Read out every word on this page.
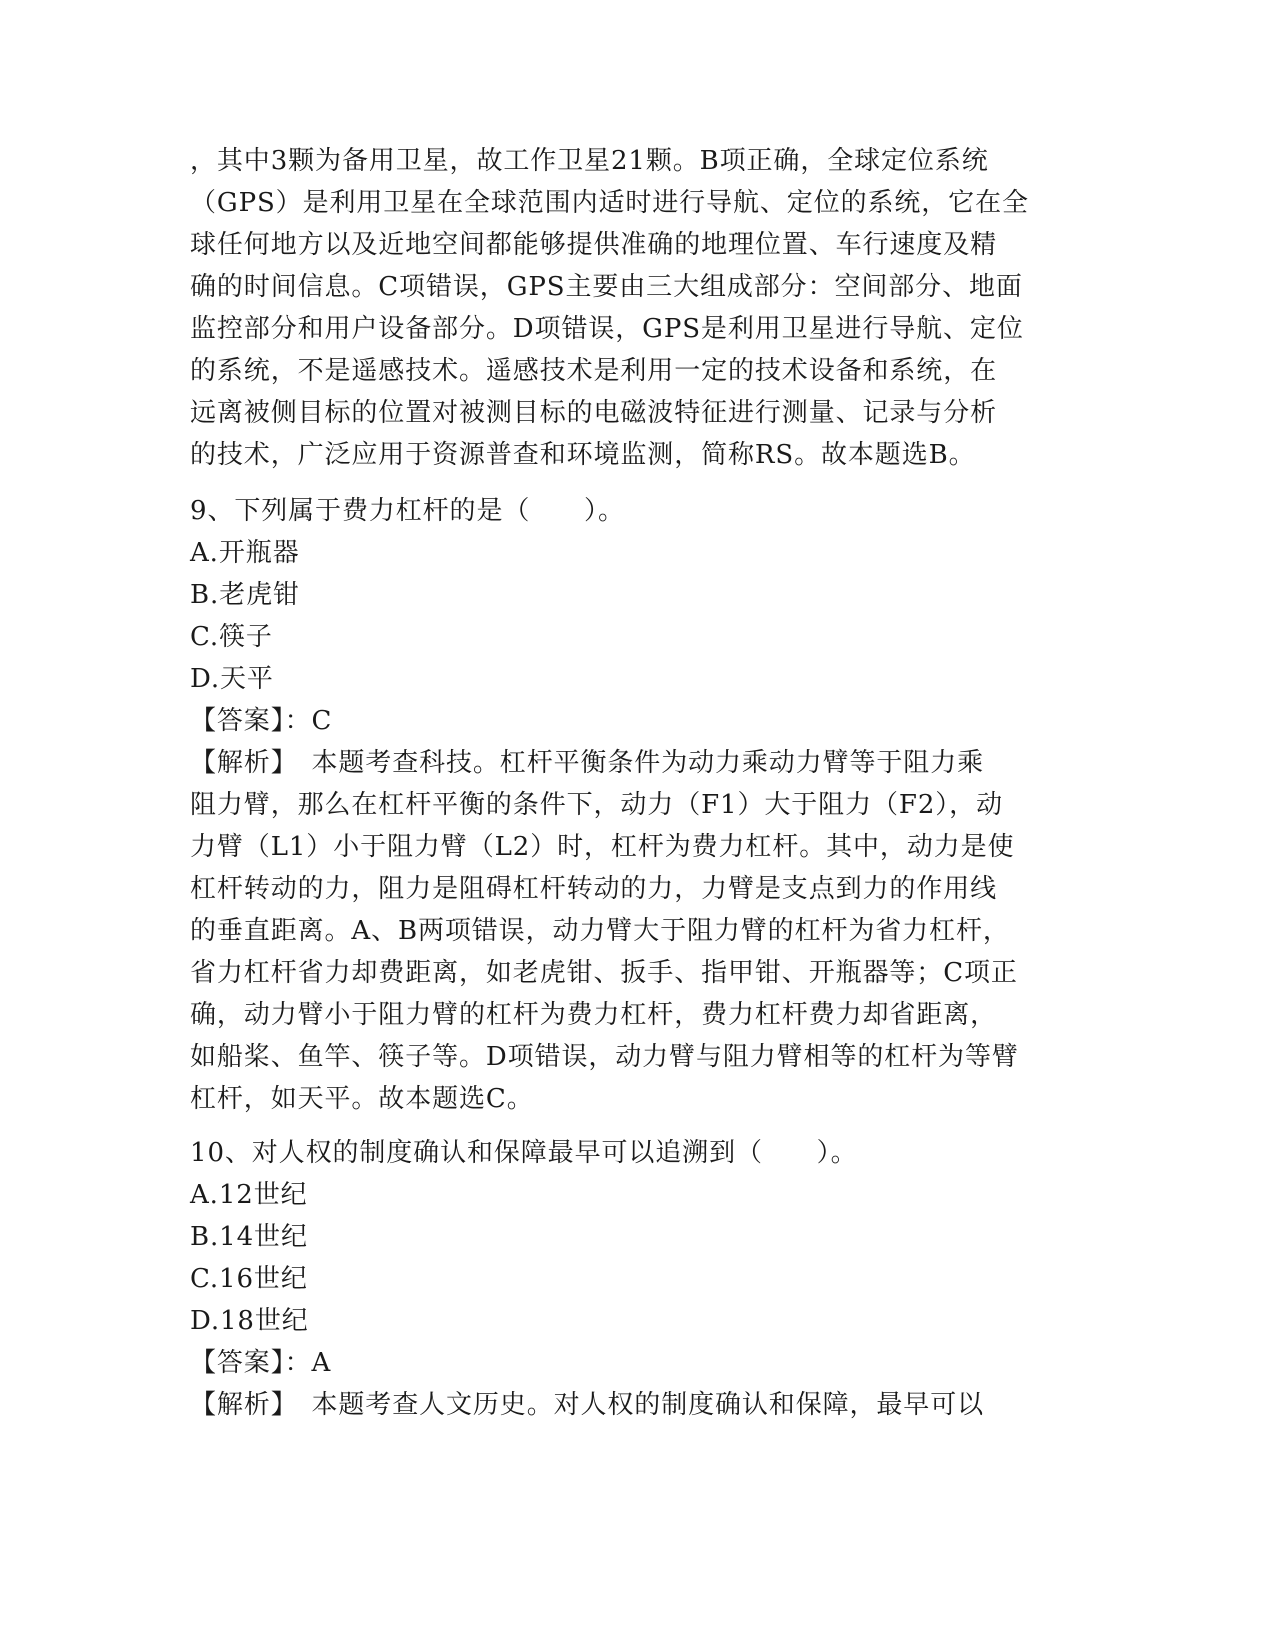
，其中3颗为备用卫星，故工作卫星21颗。B项正确，全球定位系统

（GPS）是利用卫星在全球范围内适时进行导航、定位的系统，它在全

球任何地方以及近地空间都能够提供准确的地理位置、车行速度及精

确的时间信息。C项错误，GPS主要由三大组成部分：空间部分、地面

监控部分和用户设备部分。D项错误，GPS是利用卫星进行导航、定位

的系统，不是遥感技术。遥感技术是利用一定的技术设备和系统，在

远离被侧目标的位置对被测目标的电磁波特征进行测量、记录与分析

的技术，广泛应用于资源普查和环境监测，简称RS。故本题选B。

9、下列属于费力杠杆的是（　　）。

A.开瓶器

B.老虎钳

C.筷子

D.天平

【答案】：C

【解析】　本题考查科技。杠杆平衡条件为动力乘动力臂等于阻力乘

阻力臂，那么在杠杆平衡的条件下，动力（F1）大于阻力（F2），动

力臂（L1）小于阻力臂（L2）时，杠杆为费力杠杆。其中，动力是使

杠杆转动的力，阻力是阻碍杠杆转动的力，力臂是支点到力的作用线

的垂直距离。A、B两项错误，动力臂大于阻力臂的杠杆为省力杠杆，

省力杠杆省力却费距离，如老虎钳、扳手、指甲钳、开瓶器等；C项正

确，动力臂小于阻力臂的杠杆为费力杠杆，费力杠杆费力却省距离，

如船桨、鱼竿、筷子等。D项错误，动力臂与阻力臂相等的杠杆为等臂

杠杆，如天平。故本题选C。

10、对人权的制度确认和保障最早可以追溯到（　　）。

A.12世纪

B.14世纪

C.16世纪

D.18世纪

【答案】：A

【解析】　本题考查人文历史。对人权的制度确认和保障，最早可以
